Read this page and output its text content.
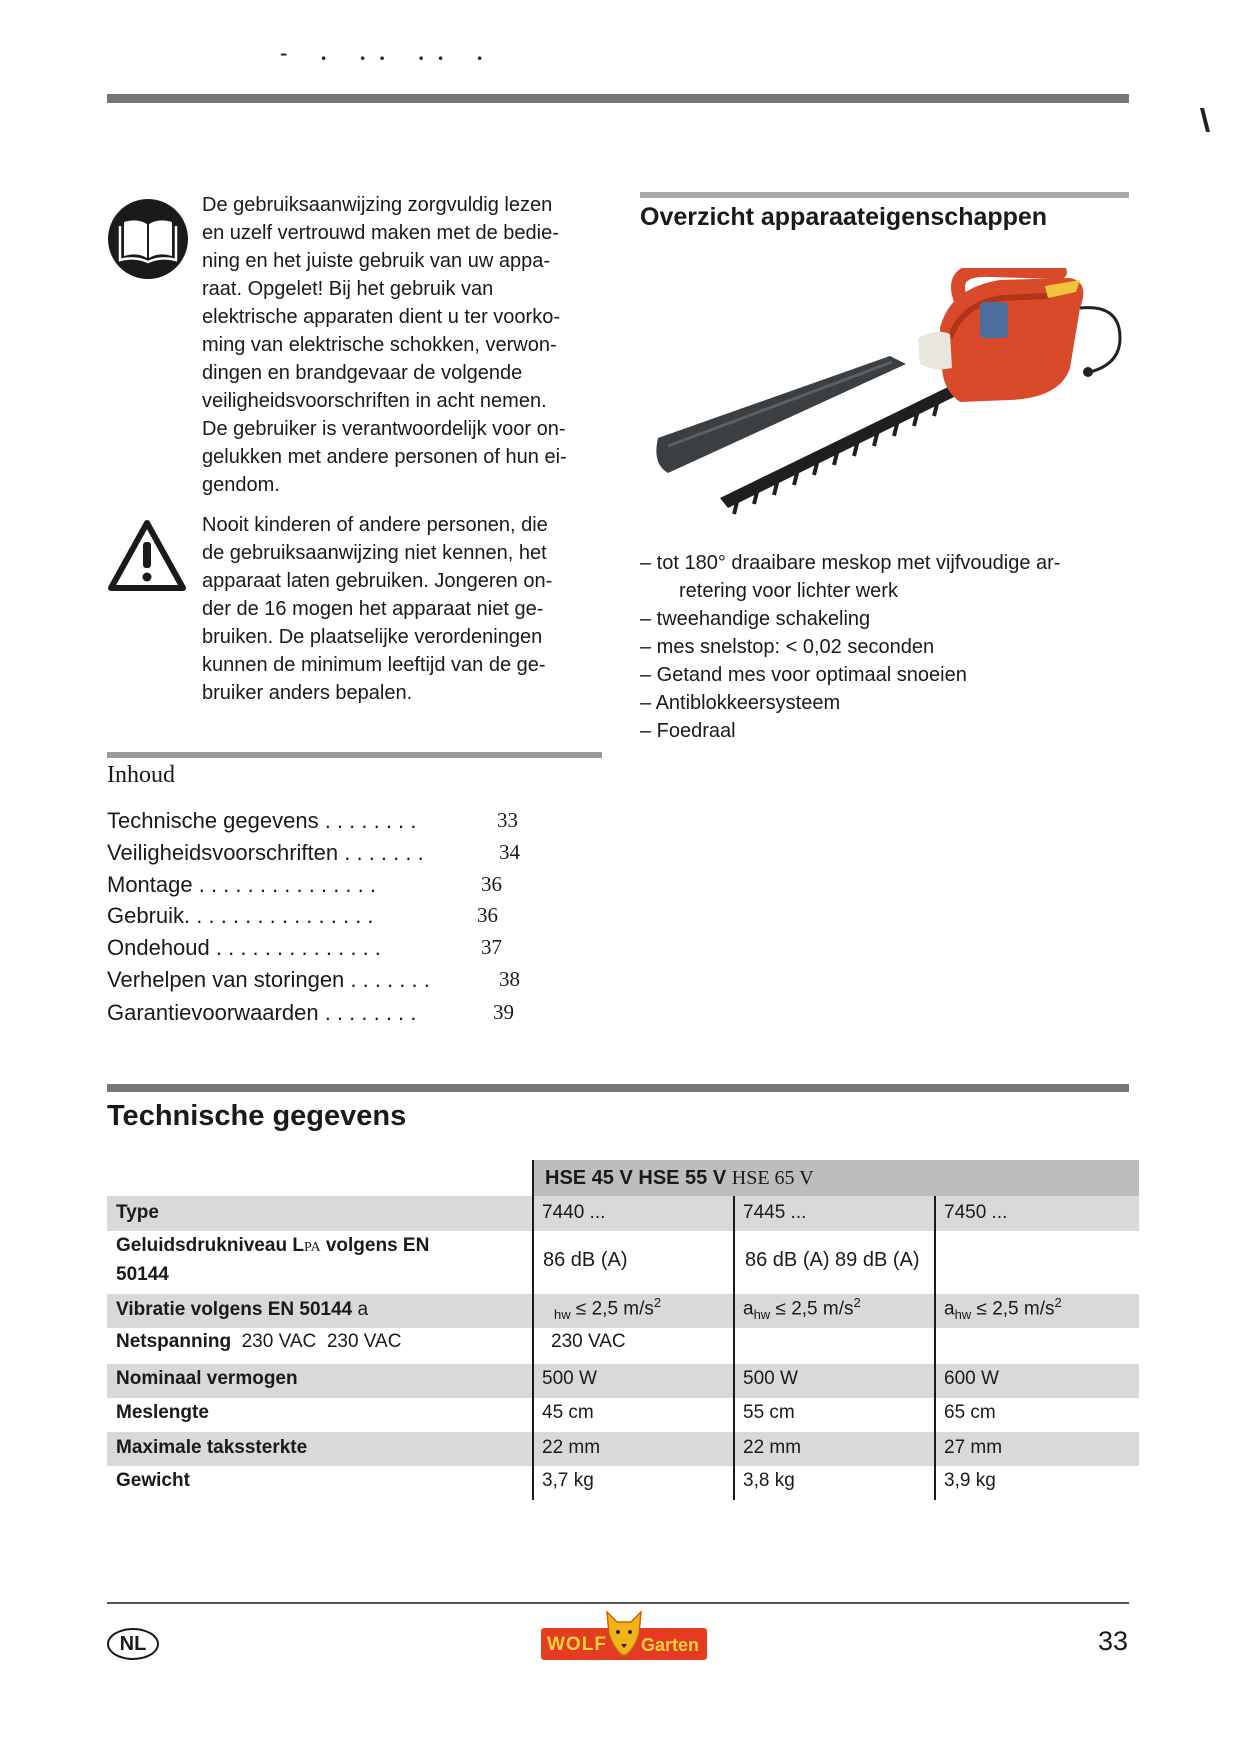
- . .. .. .
De gebruiksaanwijzing zorgvuldig lezen
en uzelf vertrouwd maken met de bedie-
ning en het juiste gebruik van uw appa-
raat. Opgelet! Bij het gebruik van
elektrische apparaten dient u ter voorko-
ming van elektrische schokken, verwon-
dingen en brandgevaar de volgende
veiligheidsvoorschriften in acht nemen.
De gebruiker is verantwoordelijk voor on-
gelukken met andere personen of hun ei-
gendom.
Nooit kinderen of andere personen, die
de gebruiksaanwijzing niet kennen, het
apparaat laten gebruiken. Jongeren on-
der de 16 mogen het apparaat niet ge-
bruiken. De plaatselijke verordeningen
kunnen de minimum leeftijd van de ge-
bruiker anders bepalen.
Inhoud
Technische gegevens . . . . . . . .	33
Veiligheidsvoorschriften . . . . . . .	34
Montage . . . . . . . . . . . . . . .	36
Gebruik. . . . . . . . . . . . . . . .	36
Ondehoud . . . . . . . . . . . . . .	37
Verhelpen van storingen . . . . . . .	38
Garantievoorwaarden . . . . . . . .	39
Overzicht apparaateigenschappen
– tot 180° draaibare meskop met vijfvoudige ar-
retering voor lichter werk
– tweehandige schakeling
– mes snelstop: < 0,02 seconden
– Getand mes voor optimaal snoeien
– Antiblokkeersysteem
– Foedraal
Technische gegevens
HSE 45 V HSE 55 V HSE 65 V
Type	7440 ...	7445 ...	7450 ...
Geluidsdrukniveau LPA volgens EN
50144
86 dB (A)	86 dB (A) 89 dB (A)
Vibratie volgens EN 50144 a	$_{hw}$ ≤ 2,5 $m/s^2$	$a_{hw} \le 2,5$ $m/s^2$	$a_{hw} \le 2,5$ $m/s^2$
Netspanning  230 VAC  230 VAC	230 VAC
Nominaal vermogen	500 W	500 W	600 W
Meslengte	45 cm	55 cm	65 cm
Maximale takssterkte	22 mm	22 mm	27 mm
Gewicht	3,7 kg	3,8 kg	3,9 kg
NL	WOLF Garten	33
